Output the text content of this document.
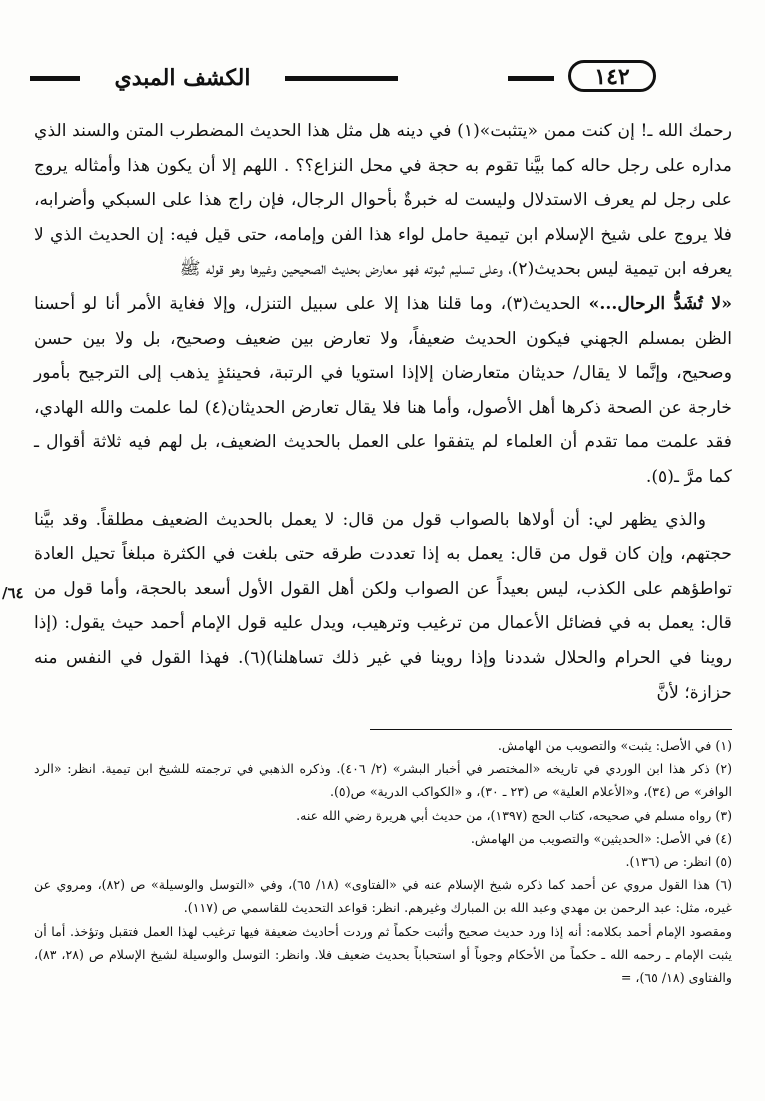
الكشف المبدي	١٤٢
٦٤/

رحمك الله ـ! إن كنت ممن «يتثبت»(١) في دينه هل مثل هذا الحديث المضطرب المتن والسند الذي مداره على رجل حاله كما بيَّنا تقوم به حجة في محل النزاع؟؟ . اللهم إلا أن يكون هذا وأمثاله يروج على رجل لم يعرف الاستدلال وليست له خبرةٌ بأحوال الرجال، فإن راج هذا على السبكي وأضرابه، فلا يروج على شيخ الإسلام ابن تيمية حامل لواء هذا الفن وإمامه، حتى قيل فيه: إن الحديث الذي لا يعرفه ابن تيمية ليس بحديث(٢)، وعلى تسليم ثبوته فهو معارض بحديث الصحيحين وغيرها وهو قوله ﷺ
«لا تُشَدُّ الرحال...» الحديث(٣)، وما قلنا هذا إلا على سبيل التنزل، وإلا فغاية الأمر أنا لو أحسنا الظن بمسلم الجهني فيكون الحديث ضعيفاً، ولا تعارض بين ضعيف وصحيح، بل ولا بين حسن وصحيح، وإنَّما لا يقال/ حديثان متعارضان إلاإذا استويا في الرتبة، فحينئذٍ يذهب إلى الترجيح بأمور خارجة عن الصحة ذكرها أهل الأصول، وأما هنا فلا يقال تعارض الحديثان(٤) لما علمت والله الهادي، فقد علمت مما تقدم أن العلماء لم يتفقوا على العمل بالحديث الضعيف، بل لهم فيه ثلاثة أقوال ـ كما مرَّ ـ(٥).

والذي يظهر لي: أن أولاها بالصواب قول من قال: لا يعمل بالحديث الضعيف مطلقاً. وقد بيَّنا حجتهم، وإن كان قول من قال: يعمل به إذا تعددت طرقه حتى بلغت في الكثرة مبلغاً تحيل العادة تواطؤهم على الكذب، ليس بعيداً عن الصواب ولكن أهل القول الأول أسعد بالحجة، وأما قول من قال: يعمل به في فضائل الأعمال من ترغيب وترهيب، ويدل عليه قول الإمام أحمد حيث يقول: (إذا روينا في الحرام والحلال شددنا وإذا روينا في غير ذلك تساهلنا)(٦). فهذا القول في النفس منه حزازة؛ لأنَّ

(١) في الأصل: يثبت» والتصويب من الهامش.

(٢) ذكر هذا ابن الوردي في تاريخه «المختصر في أخبار البشر» (٢/ ٤٠٦). وذكره الذهبي في ترجمته للشيخ ابن تيمية. انظر: «الرد الوافر» ص (٣٤)، و«الأعلام العلية» ص (٢٣ ـ ٣٠)، و «الكواكب الدرية» ص(٥).

(٣) رواه مسلم في صحيحه، كتاب الحج (١٣٩٧)، من حديث أبي هريرة رضي الله عنه.

(٤) في الأصل: «الحديثين» والتصويب من الهامش.

(٥) انظر: ص (١٣٦).

(٦) هذا القول مروي عن أحمد كما ذكره شيخ الإسلام عنه في «الفتاوى» (١٨/ ٦٥)، وفي «التوسل والوسيلة» ص (٨٢)، ومروي عن غيره، مثل: عبد الرحمن بن مهدي وعبد الله بن المبارك وغيرهم. انظر: قواعد التحديث للقاسمي ص (١١٧).

ومقصود الإمام أحمد بكلامه: أنه إذا ورد حديث صحيح وأثبت حكماً ثم وردت أحاديث ضعيفة فيها ترغيب لهذا العمل فتقبل وتؤخذ. أما أن يثبت الإمام ـ رحمه الله ـ حكماً من الأحكام وجوباً أو استحباباً بحديث ضعيف فلا. وانظر: التوسل والوسيلة لشيخ الإسلام ص (٢٨، ٨٣)، والفتاوى (١٨/ ٦٥)، =
